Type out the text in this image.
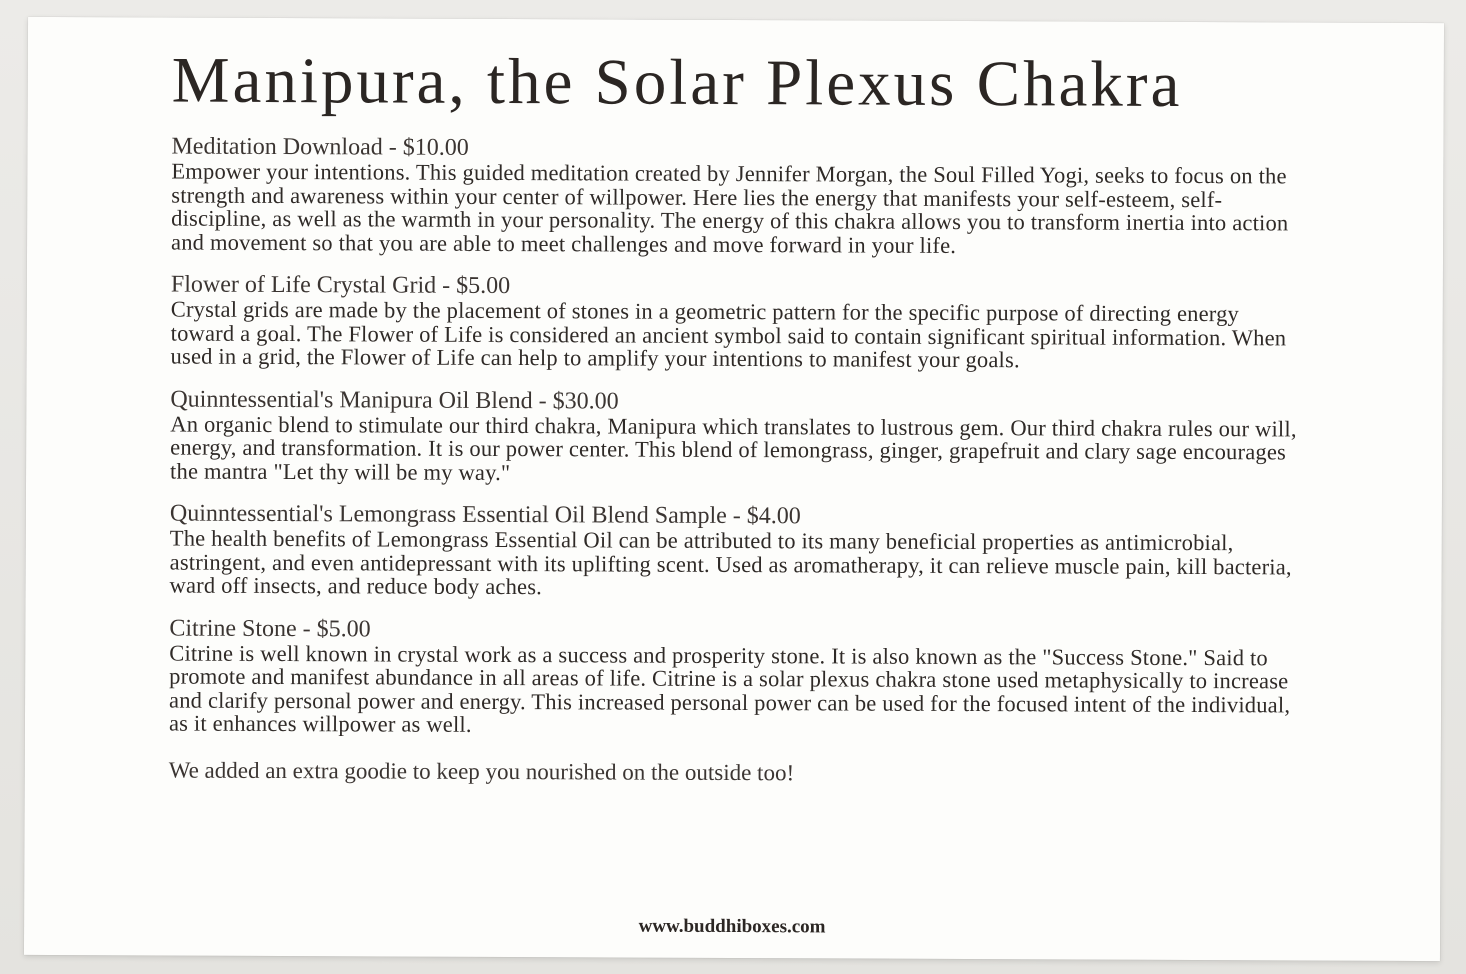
Manipura, the Solar Plexus Chakra
Meditation Download - $10.00
Empower your intentions. This guided meditation created by Jennifer Morgan, the Soul Filled Yogi, seeks to focus on the strength and awareness within your center of willpower. Here lies the energy that manifests your self-esteem, self-discipline, as well as the warmth in your personality. The energy of this chakra allows you to transform inertia into action and movement so that you are able to meet challenges and move forward in your life.
Flower of Life Crystal Grid - $5.00
Crystal grids are made by the placement of stones in a geometric pattern for the specific purpose of directing energy toward a goal. The Flower of Life is considered an ancient symbol said to contain significant spiritual information. When used in a grid, the Flower of Life can help to amplify your intentions to manifest your goals.
Quinntessential's Manipura Oil Blend - $30.00
An organic blend to stimulate our third chakra, Manipura which translates to lustrous gem. Our third chakra rules our will, energy, and transformation. It is our power center. This blend of lemongrass, ginger, grapefruit and clary sage encourages the mantra "Let thy will be my way."
Quinntessential's Lemongrass Essential Oil Blend Sample - $4.00
The health benefits of Lemongrass Essential Oil can be attributed to its many beneficial properties as antimicrobial, astringent, and even antidepressant with its uplifting scent. Used as aromatherapy, it can relieve muscle pain, kill bacteria, ward off insects, and reduce body aches.
Citrine Stone - $5.00
Citrine is well known in crystal work as a success and prosperity stone. It is also known as the "Success Stone." Said to promote and manifest abundance in all areas of life. Citrine is a solar plexus chakra stone used metaphysically to increase and clarify personal power and energy. This increased personal power can be used for the focused intent of the individual, as it enhances willpower as well.
We added an extra goodie to keep you nourished on the outside too!
www.buddhiboxes.com
